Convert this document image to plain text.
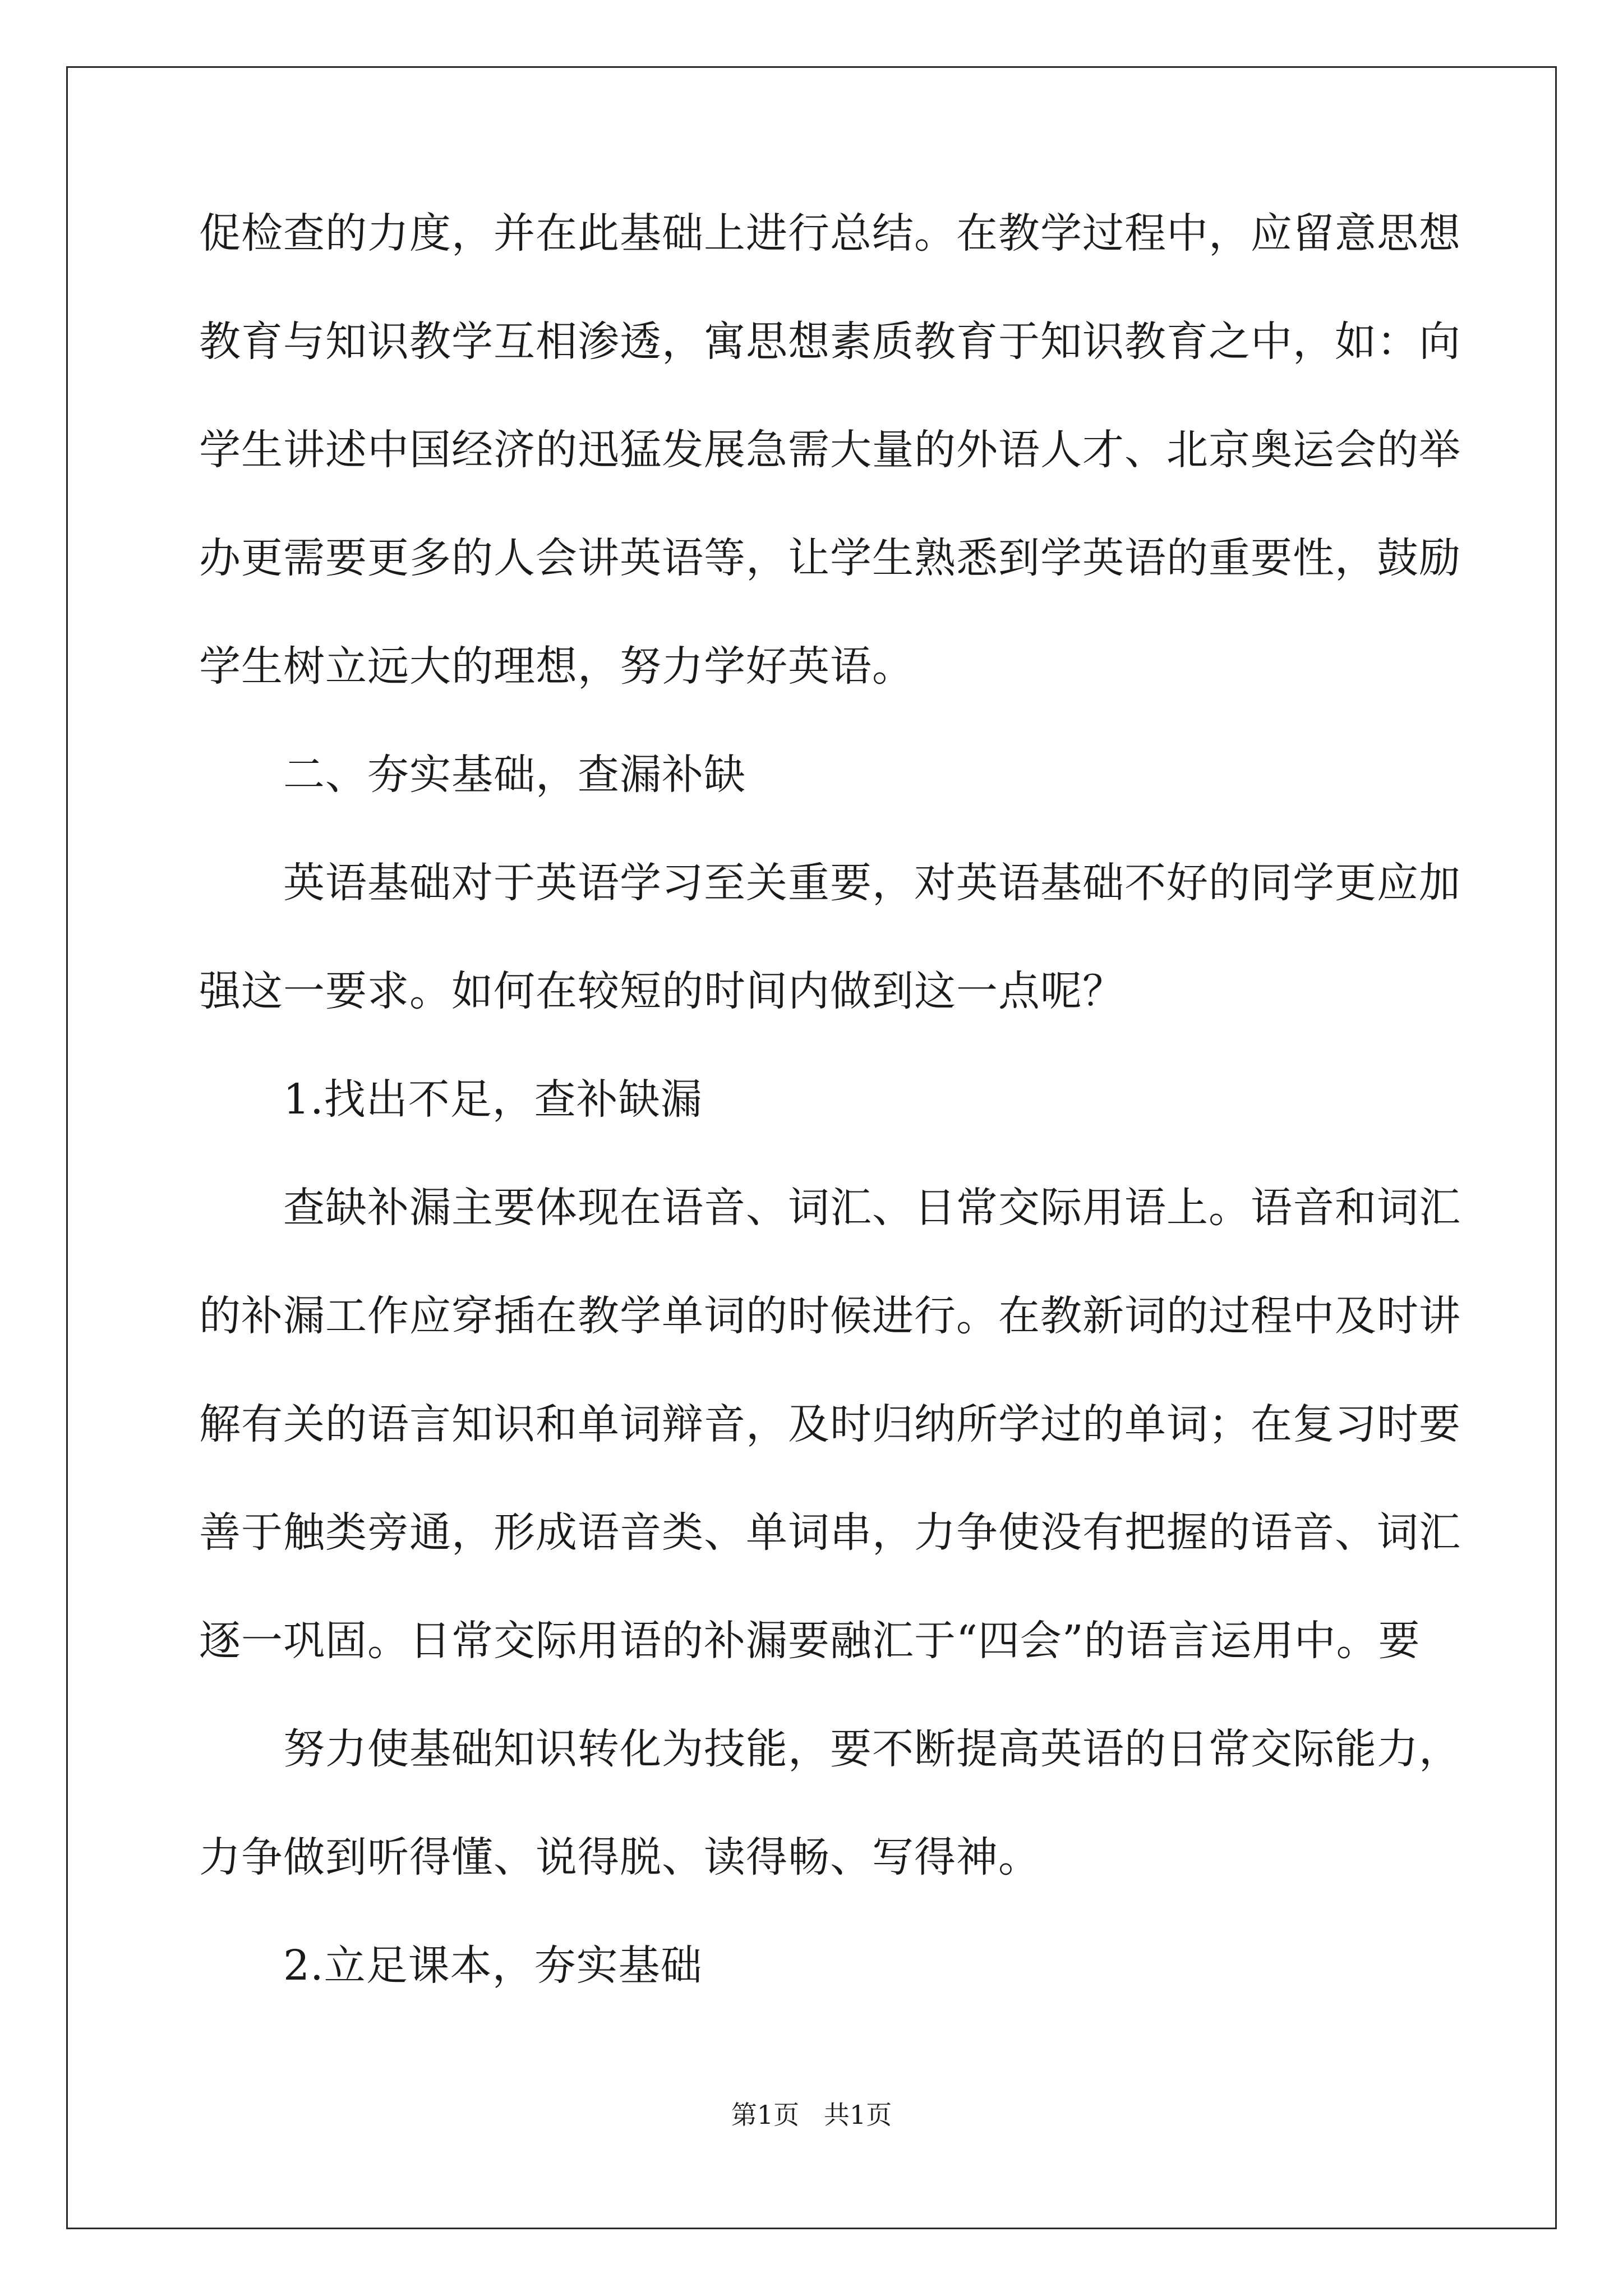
促检查的力度，并在此基础上进行总结。在教学过程中，应留意思想

教育与知识教学互相渗透，寓思想素质教育于知识教育之中，如：向

学生讲述中国经济的迅猛发展急需大量的外语人才、北京奥运会的举

办更需要更多的人会讲英语等，让学生熟悉到学英语的重要性，鼓励

学生树立远大的理想，努力学好英语。

二、夯实基础，查漏补缺

英语基础对于英语学习至关重要，对英语基础不好的同学更应加

强这一要求。如何在较短的时间内做到这一点呢？

1.找出不足，查补缺漏

查缺补漏主要体现在语音、词汇、日常交际用语上。语音和词汇

的补漏工作应穿插在教学单词的时候进行。在教新词的过程中及时讲

解有关的语言知识和单词辩音，及时归纳所学过的单词；在复习时要

善于触类旁通，形成语音类、单词串，力争使没有把握的语音、词汇

逐一巩固。日常交际用语的补漏要融汇于“四会”的语言运用中。要

努力使基础知识转化为技能，要不断提高英语的日常交际能力，

力争做到听得懂、说得脱、读得畅、写得神。

2.立足课本，夯实基础

第1页   共1页
